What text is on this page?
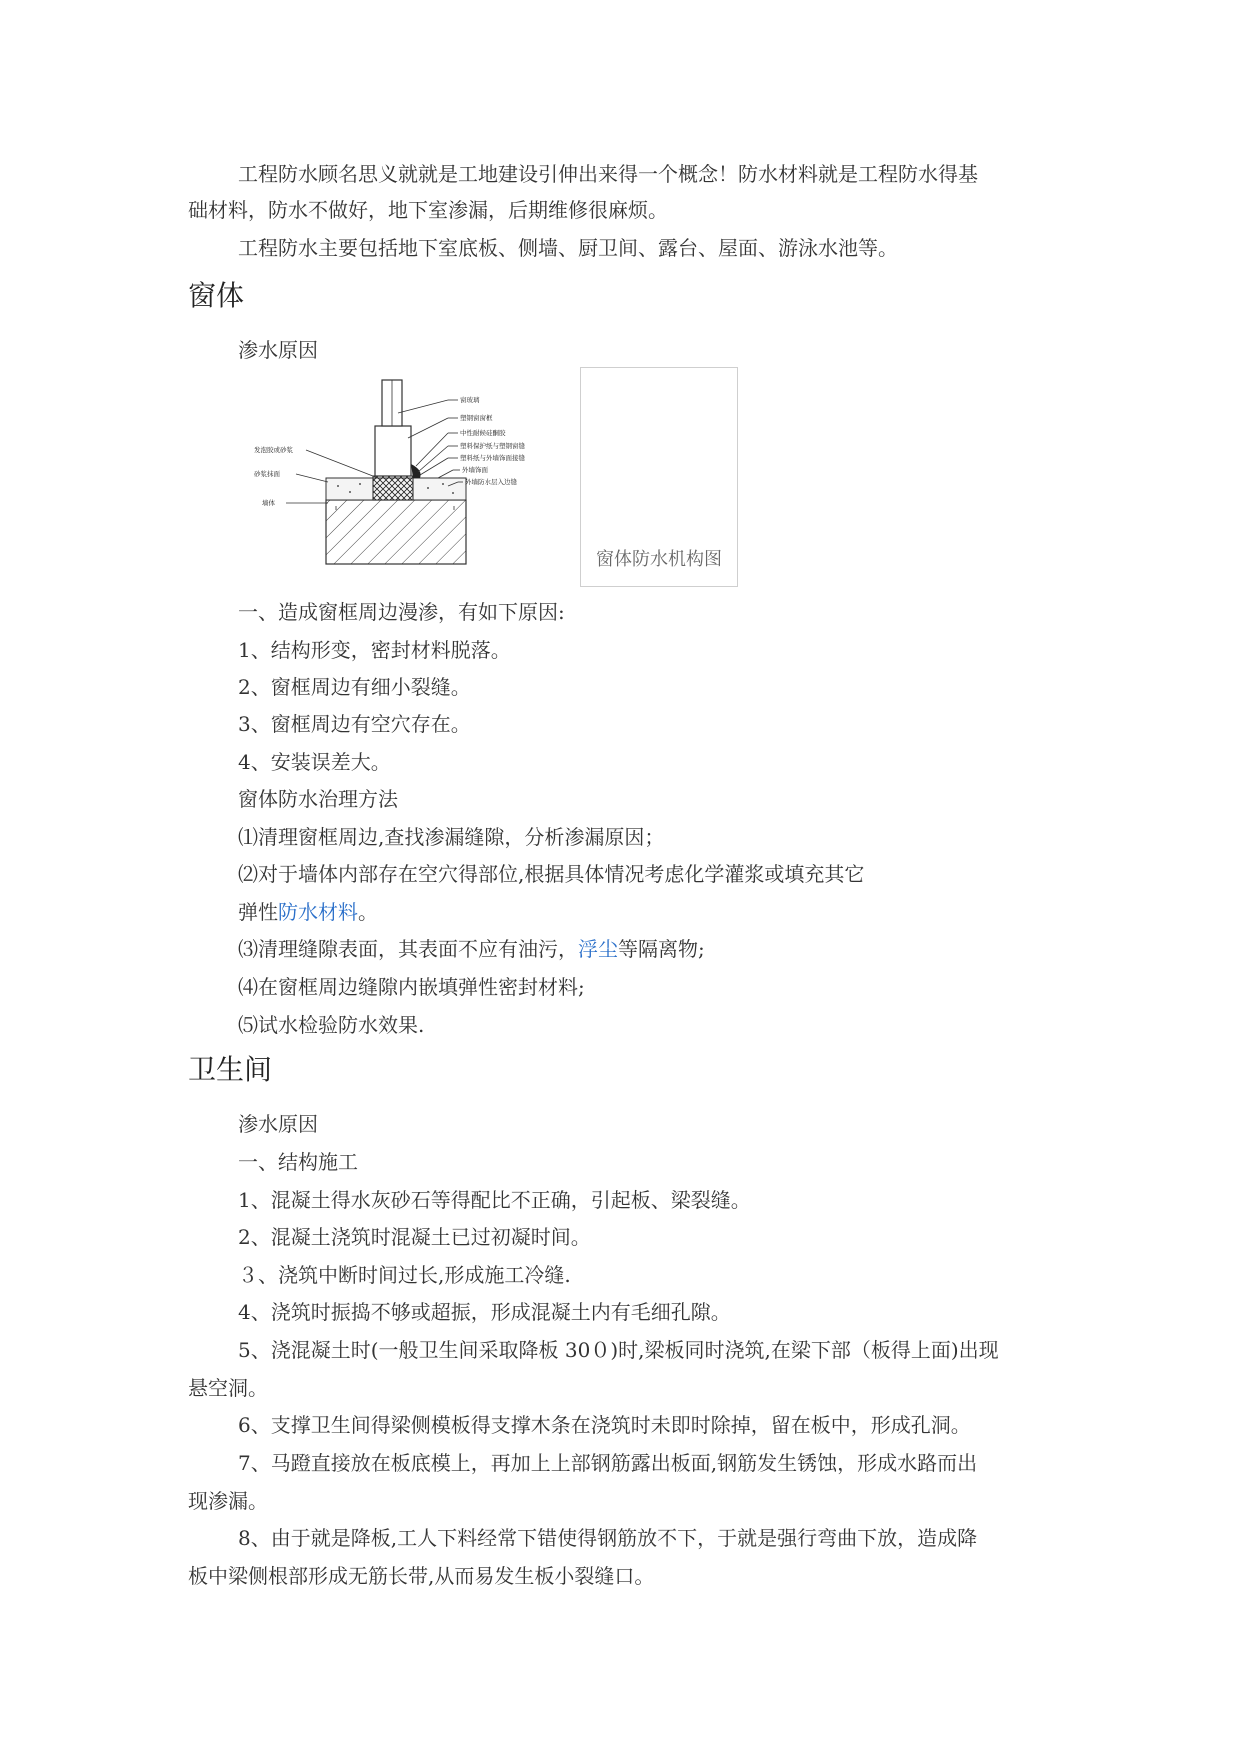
工程防水顾名思义就就是工地建设引伸出来得一个概念！防水材料就是工程防水得基
础材料，防水不做好，地下室渗漏，后期维修很麻烦。
工程防水主要包括地下室底板、侧墙、厨卫间、露台、屋面、游泳水池等。
窗体
渗水原因
窗玻璃
塑钢窗窗框
中性耐候硅酮胶
塑料保护纸与塑钢窗缝
塑料纸与外墙饰面接缝
外墙饰面
外墙防水层入边缝
发泡胶或砂浆
砂浆抹面
墙体
窗体防水机构图
一、造成窗框周边漫渗，有如下原因:
1、结构形变，密封材料脱落。
2、窗框周边有细小裂缝。
3、窗框周边有空穴存在。
4、安装误差大。
窗体防水治理方法
⑴清理窗框周边,查找渗漏缝隙，分析渗漏原因；
⑵对于墙体内部存在空穴得部位,根据具体情况考虑化学灌浆或填充其它
弹性防水材料。
⑶清理缝隙表面，其表面不应有油污，浮尘等隔离物;
⑷在窗框周边缝隙内嵌填弹性密封材料;
⑸试水检验防水效果.
卫生间
渗水原因
一、结构施工
1、混凝土得水灰砂石等得配比不正确，引起板、梁裂缝。
2、混凝土浇筑时混凝土已过初凝时间。
３、浇筑中断时间过长,形成施工冷缝.
4、浇筑时振捣不够或超振，形成混凝土内有毛细孔隙。
5、浇混凝土时(一般卫生间采取降板 30０)时,梁板同时浇筑,在梁下部（板得上面)出现
悬空洞。
6、支撑卫生间得梁侧模板得支撑木条在浇筑时未即时除掉，留在板中，形成孔洞。
7、马蹬直接放在板底模上，再加上上部钢筋露出板面,钢筋发生锈蚀，形成水路而出
现渗漏。
8、由于就是降板,工人下料经常下错使得钢筋放不下，于就是强行弯曲下放，造成降
板中梁侧根部形成无筋长带,从而易发生板小裂缝口。
